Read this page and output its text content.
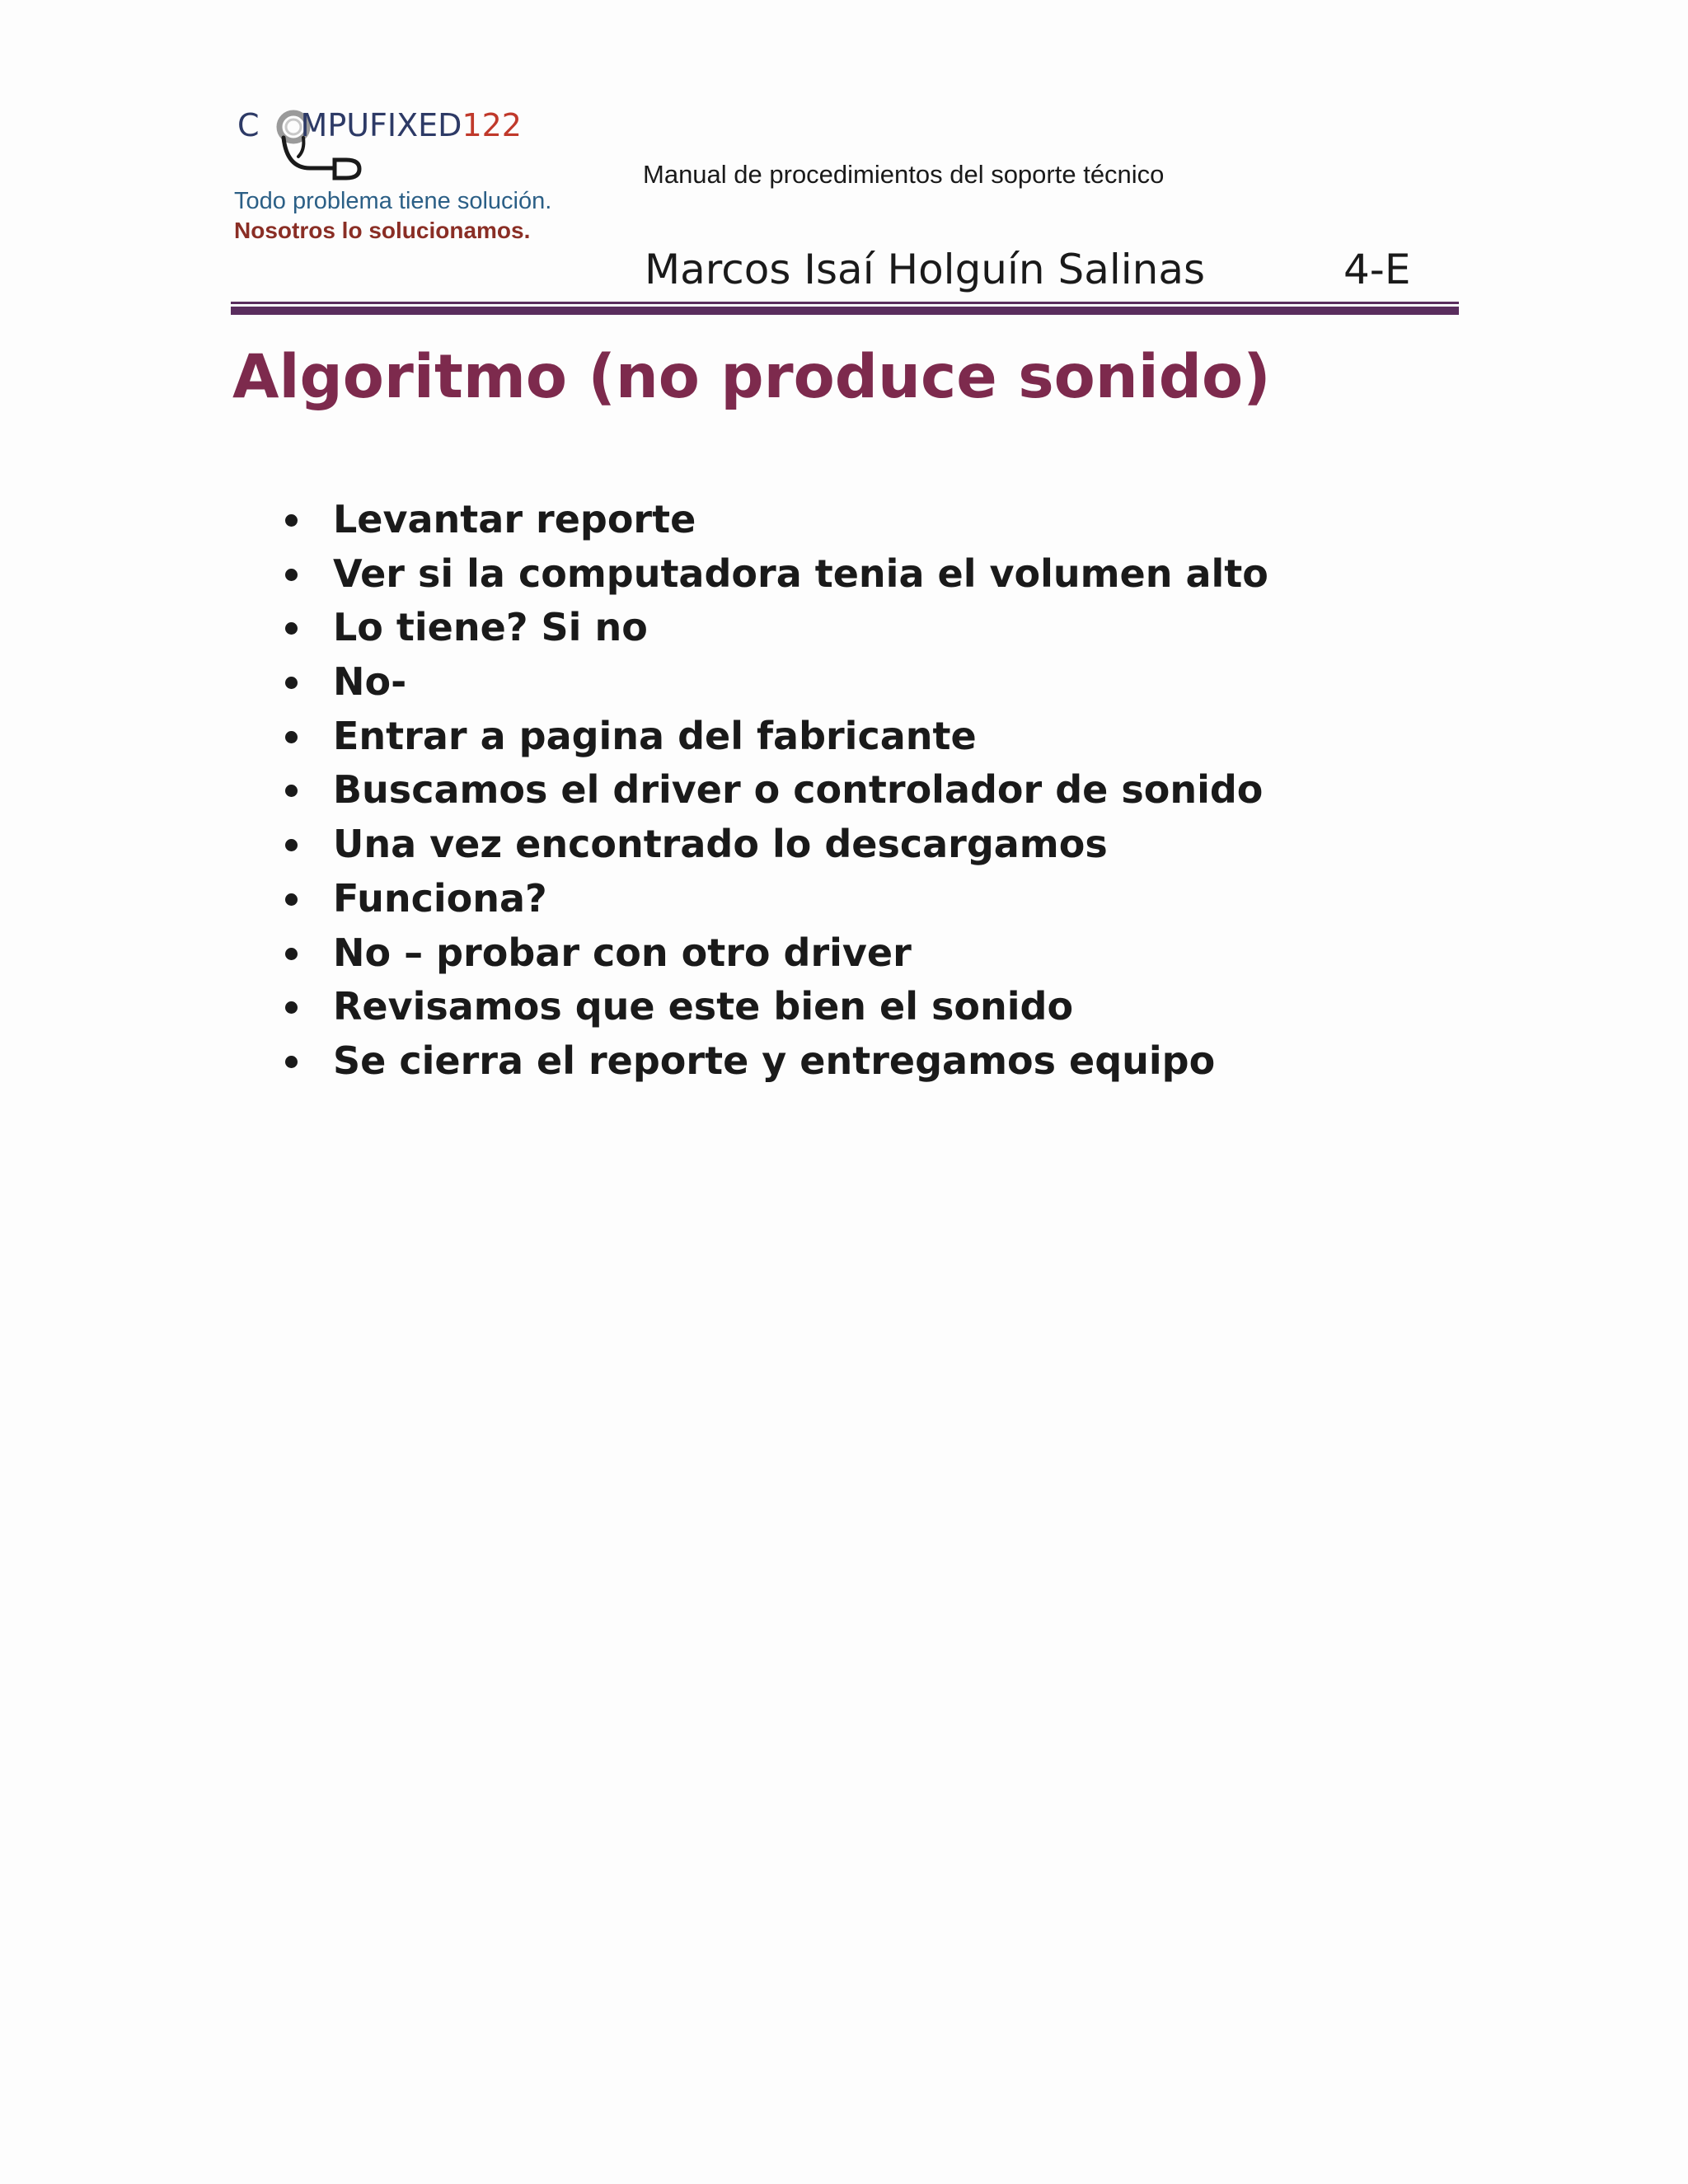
C MPUFIXED122
Todo problema tiene solución.
Nosotros lo solucionamos.
Manual de procedimientos del soporte técnico
Marcos Isaí Holguín Salinas	4-E
Algoritmo (no produce sonido)
Levantar reporte
Ver si la computadora tenia el volumen alto
Lo tiene? Si no
No-
Entrar a pagina del fabricante
Buscamos el driver o controlador de sonido
Una vez encontrado lo descargamos
Funciona?
No – probar con otro driver
Revisamos que este bien el sonido
Se cierra el reporte y entregamos equipo
